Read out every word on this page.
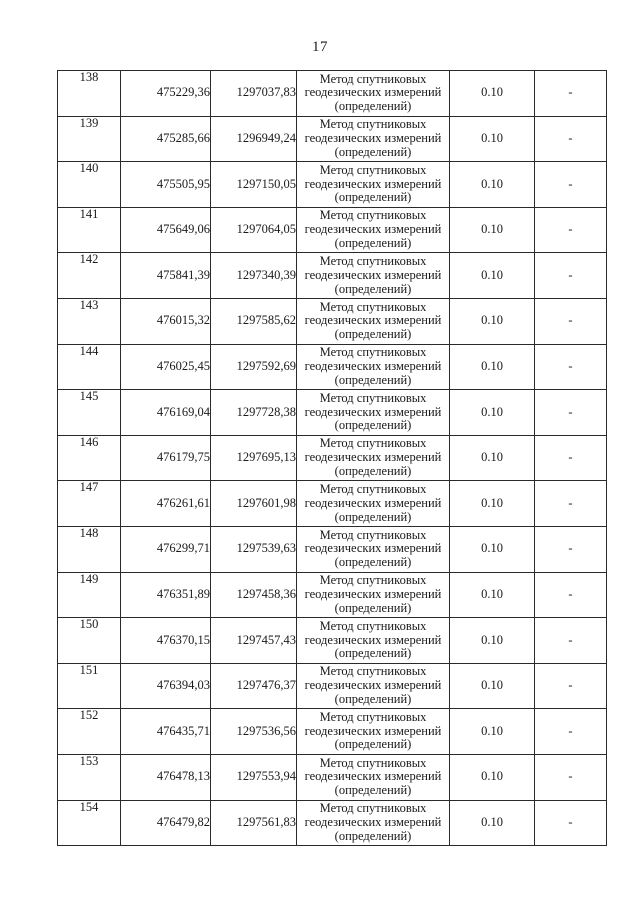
17
138	475229,36	1297037,83	Метод спутниковых
геодезических измерений
(определений)	0.10	-
139	475285,66	1296949,24	Метод спутниковых
геодезических измерений
(определений)	0.10	-
140	475505,95	1297150,05	Метод спутниковых
геодезических измерений
(определений)	0.10	-
141	475649,06	1297064,05	Метод спутниковых
геодезических измерений
(определений)	0.10	-
142	475841,39	1297340,39	Метод спутниковых
геодезических измерений
(определений)	0.10	-
143	476015,32	1297585,62	Метод спутниковых
геодезических измерений
(определений)	0.10	-
144	476025,45	1297592,69	Метод спутниковых
геодезических измерений
(определений)	0.10	-
145	476169,04	1297728,38	Метод спутниковых
геодезических измерений
(определений)	0.10	-
146	476179,75	1297695,13	Метод спутниковых
геодезических измерений
(определений)	0.10	-
147	476261,61	1297601,98	Метод спутниковых
геодезических измерений
(определений)	0.10	-
148	476299,71	1297539,63	Метод спутниковых
геодезических измерений
(определений)	0.10	-
149	476351,89	1297458,36	Метод спутниковых
геодезических измерений
(определений)	0.10	-
150	476370,15	1297457,43	Метод спутниковых
геодезических измерений
(определений)	0.10	-
151	476394,03	1297476,37	Метод спутниковых
геодезических измерений
(определений)	0.10	-
152	476435,71	1297536,56	Метод спутниковых
геодезических измерений
(определений)	0.10	-
153	476478,13	1297553,94	Метод спутниковых
геодезических измерений
(определений)	0.10	-
154	476479,82	1297561,83	Метод спутниковых
геодезических измерений
(определений)	0.10	-
